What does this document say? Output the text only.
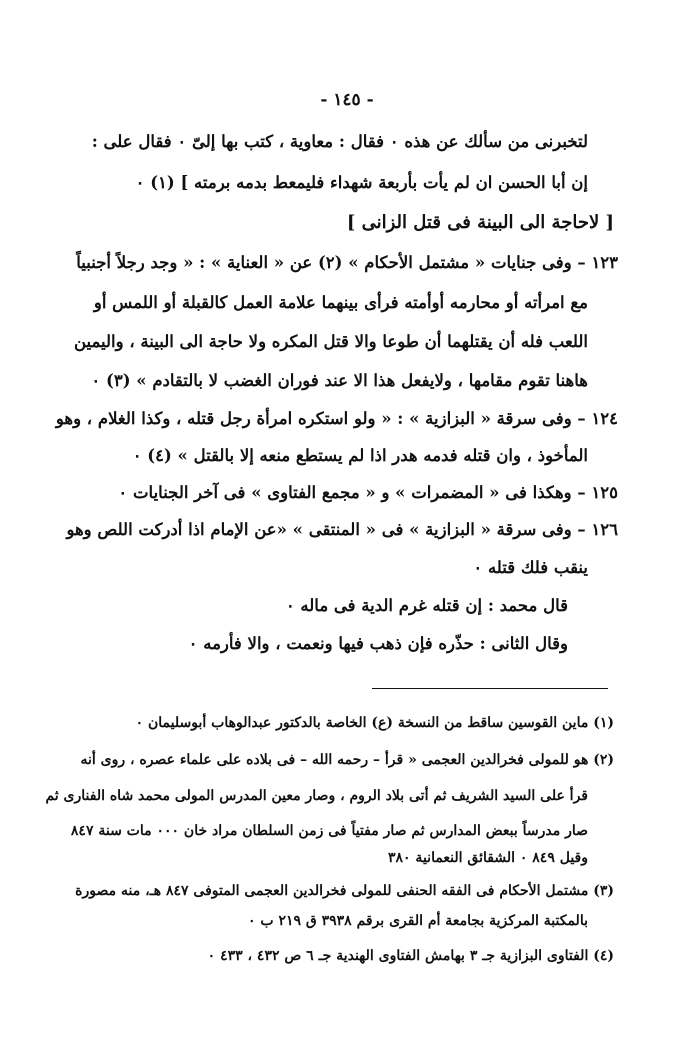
- ١٤٥ -
لتخبرنى من سألك عن هذه ٠ فقال : معاوية ، كتب بها إلىّ ٠ فقال على :
إن أبا الحسن ان لم يأت بأربعة شهداء فليمعط بدمه برمته ] (١) ٠
[ لاحاجة الى البينة فى قتل الزانى ]
١٢٣ – وفى جنايات « مشتمل الأحكام » (٢) عن « العناية » : « وجد رجلاً أجنبياً
مع امرأته أو محارمه أوأمته فرأى بينهما علامة العمل كالقبلة أو اللمس أو
اللعب فله أن يقتلهما أن طوعا والا قتل المكره ولا حاجة الى البينة ، واليمين
هاهنا تقوم مقامها ، ولايفعل هذا الا عند فوران الغضب لا بالتقادم » (٣) ٠
١٢٤ – وفى سرقة « البزازية » : « ولو استكره امرأة رجل قتله ، وكذا الغلام ، وهو
المأخوذ ، وان قتله فدمه هدر اذا لم يستطع منعه إلا بالقتل » (٤) ٠
١٢٥ – وهكذا فى « المضمرات » و « مجمع الفتاوى » فى آخر الجنايات ٠
١٢٦ – وفى سرقة « البزازية » فى « المنتقى » «عن الإمام اذا أدركت اللص وهو
ينقب فلك قتله ٠
قال محمد : إن قتله غرم الدية فى ماله ٠
وقال الثانى : حذّره فإن ذهب فيها ونعمت ، والا فأرمه ٠
(١) ماين القوسين ساقط من النسخة (ع) الخاصة بالدكتور عبدالوهاب أبوسليمان ٠
(٢) هو للمولى فخرالدين العجمى « قرأ – رحمه الله – فى بلاده على علماء عصره ، روى أنه
قرأ على السيد الشريف ثم أتى بلاد الروم ، وصار معين المدرس المولى محمد شاه الفنارى ثم
صار مدرساً ببعض المدارس ثم صار مفتياً فى زمن السلطان مراد خان ٠٠٠ مات سنة ٨٤٧
وقيل ٨٤٩ ٠ الشقائق النعمانية ٣٨٠
(٣) مشتمل الأحكام فى الفقه الحنفى للمولى فخرالدين العجمى المتوفى ٨٤٧ هـ، منه مصورة
بالمكتبة المركزية بجامعة أم القرى برقم ٣٩٣٨ ق ٢١٩ ب ٠
(٤) الفتاوى البزازية جـ ٣ بهامش الفتاوى الهندية جـ ٦ ص ٤٣٢ ، ٤٣٣ ٠
